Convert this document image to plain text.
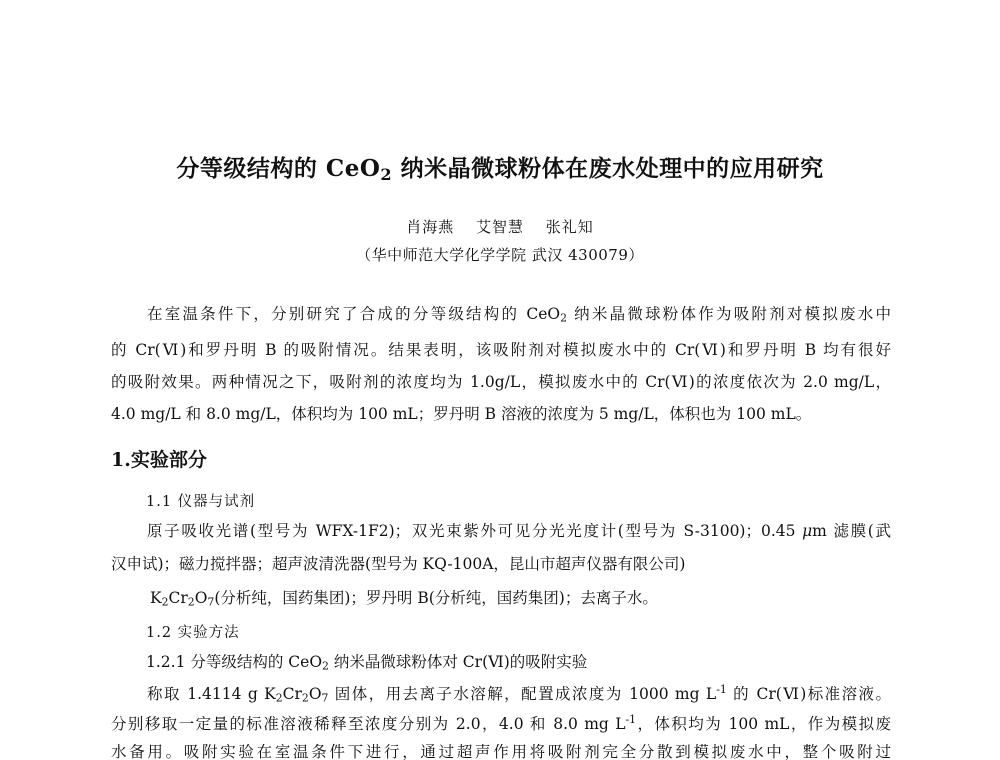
分等级结构的 CeO$_2$ 纳米晶微球粉体在废水处理中的应用研究
肖海燕　 艾智慧　 张礼知
（华中师范大学化学学院 武汉 430079）
在室温条件下，分别研究了合成的分等级结构的 CeO$_2$ 纳米晶微球粉体作为吸附剂对模拟废水中
的 Cr(Ⅵ)和罗丹明 B 的吸附情况。结果表明，该吸附剂对模拟废水中的 Cr(Ⅵ)和罗丹明 B 均有很好
的吸附效果。两种情况之下，吸附剂的浓度均为 1.0g/L，模拟废水中的 Cr(Ⅵ)的浓度依次为 2.0 mg/L，
4.0 mg/L 和 8.0 mg/L，体积均为 100 mL；罗丹明 B 溶液的浓度为 5 mg/L，体积也为 100 mL。
1.实验部分
1.1 仪器与试剂
原子吸收光谱(型号为 WFX-1F2)；双光束紫外可见分光光度计(型号为 S-3100)；0.45 μm 滤膜(武
汉申试)；磁力搅拌器；超声波清洗器(型号为 KQ-100A，昆山市超声仪器有限公司)
$K_2Cr_2O_7$(分析纯，国药集团)；罗丹明 B(分析纯，国药集团)；去离子水。
1.2 实验方法
1.2.1 分等级结构的 CeO$_2$ 纳米晶微球粉体对 Cr(Ⅵ)的吸附实验
称取 1.4114 g $K_2Cr_2O_7$ 固体，用去离子水溶解，配置成浓度为 1000 mg $L^{-1}$ 的 Cr(Ⅵ)标准溶液。
分别移取一定量的标准溶液稀释至浓度分别为 2.0，4.0 和 8.0 mg $L^{-1}$，体积均为 100 mL，作为模拟废
水备用。吸附实验在室温条件下进行，通过超声作用将吸附剂完全分散到模拟废水中，整个吸附过
